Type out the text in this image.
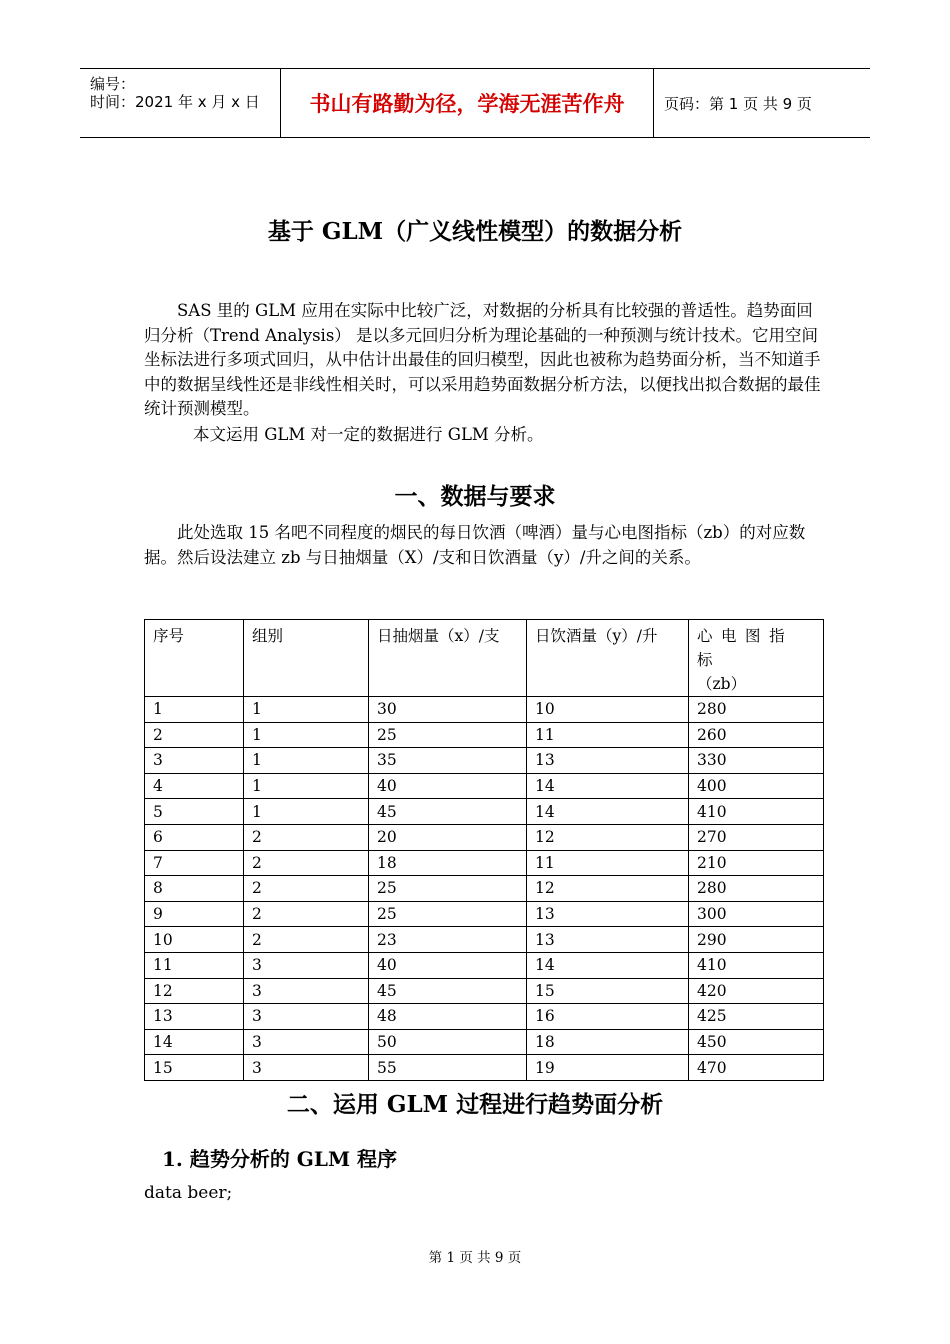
编号：
时间：2021 年 x 月 x 日 书山有路勤为径，学海无涯苦作舟	页码：第 1 页 共 9 页
基于 GLM（广义线性模型）的数据分析
SAS 里的 GLM 应用在实际中比较广泛，对数据的分析具有比较强的普适性。趋势面回归分析（Trend Analysis） 是以多元回归分析为理论基础的一种预测与统计技术。它用空间坐标法进行多项式回归，从中估计出最佳的回归模型，因此也被称为趋势面分析，当不知道手中的数据呈线性还是非线性相关时，可以采用趋势面数据分析方法，以便找出拟合数据的最佳统计预测模型。
本文运用 GLM 对一定的数据进行 GLM 分析。
一、数据与要求
此处选取 15 名吧不同程度的烟民的每日饮酒（啤酒）量与心电图指标（zb）的对应数据。然后设法建立 zb 与日抽烟量（X）/支和日饮酒量（y）/升之间的关系。
序号	组别	日抽烟量（x）/支	日饮酒量（y）/升	心电图指标
（zb）
1	1	30	10	280
2	1	25	11	260
3	1	35	13	330
4	1	40	14	400
5	1	45	14	410
6	2	20	12	270
7	2	18	11	210
8	2	25	12	280
9	2	25	13	300
10	2	23	13	290
11	3	40	14	410
12	3	45	15	420
13	3	48	16	425
14	3	50	18	450
15	3	55	19	470
二、运用 GLM 过程进行趋势面分析
1. 趋势分析的 GLM 程序
data beer;
第 1 页 共 9 页
